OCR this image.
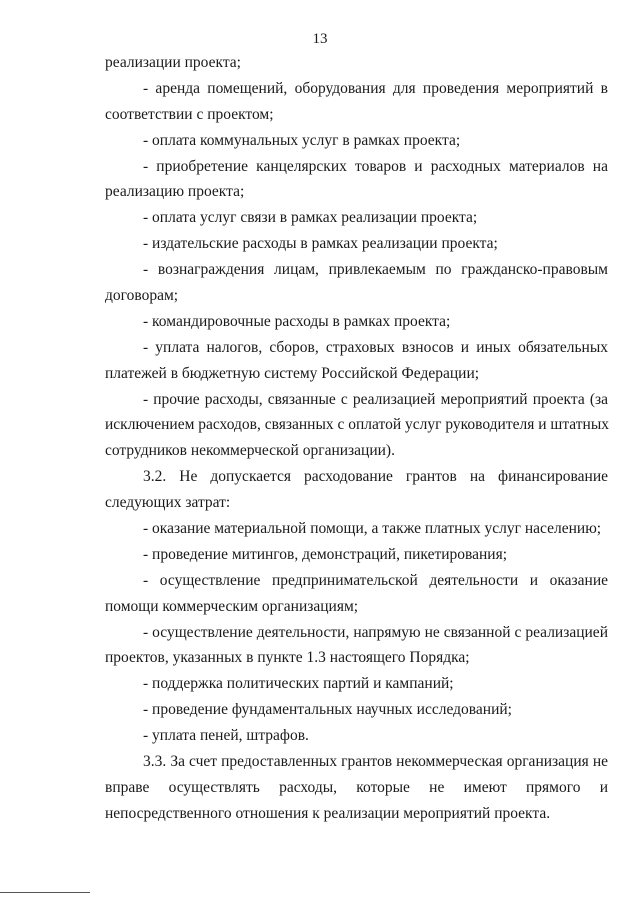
13
реализации проекта;
- аренда помещений, оборудования для проведения мероприятий в
соответствии с проектом;
- оплата коммунальных услуг в рамках проекта;
- приобретение канцелярских товаров и расходных материалов на
реализацию проекта;
- оплата услуг связи в рамках реализации проекта;
- издательские расходы в рамках реализации проекта;
- вознаграждения лицам, привлекаемым по гражданско-правовым
договорам;
- командировочные расходы в рамках проекта;
- уплата налогов, сборов, страховых взносов и иных обязательных
платежей в бюджетную систему Российской Федерации;
- прочие расходы, связанные с реализацией мероприятий проекта (за
исключением расходов, связанных с оплатой услуг руководителя и штатных
сотрудников некоммерческой организации).
3.2. Не допускается расходование грантов на финансирование
следующих затрат:
- оказание материальной помощи, а также платных услуг населению;
- проведение митингов, демонстраций, пикетирования;
- осуществление предпринимательской деятельности и оказание
помощи коммерческим организациям;
- осуществление деятельности, напрямую не связанной с реализацией
проектов, указанных в пункте 1.3 настоящего Порядка;
- поддержка политических партий и кампаний;
- проведение фундаментальных научных исследований;
- уплата пеней, штрафов.
3.3. За счет предоставленных грантов некоммерческая организация не
вправе осуществлять расходы, которые не имеют прямого и
непосредственного отношения к реализации мероприятий проекта.
